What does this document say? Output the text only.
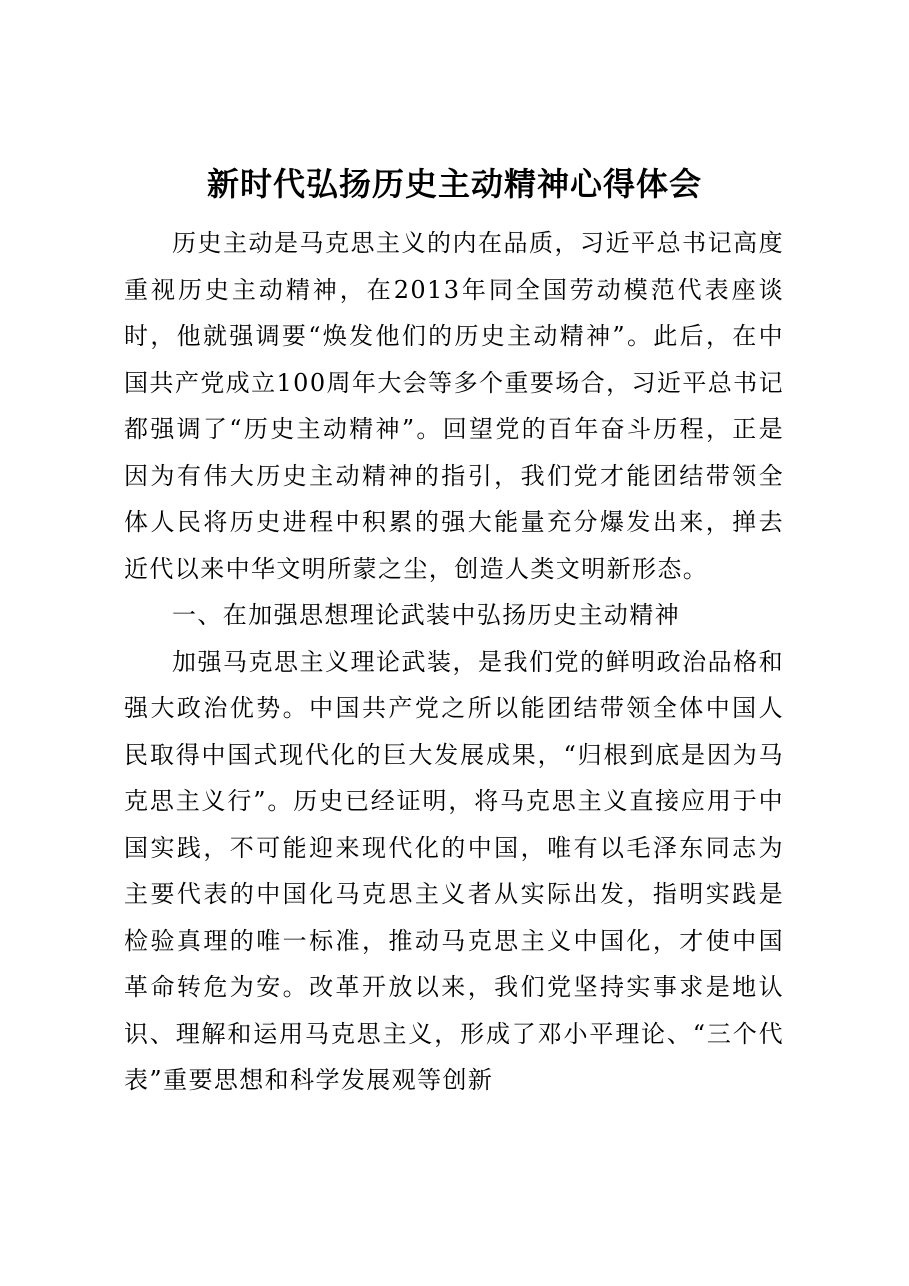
新时代弘扬历史主动精神心得体会

历史主动是马克思主义的内在品质，习近平总书记高度重视历史主动精神，在2013年同全国劳动模范代表座谈时，他就强调要“焕发他们的历史主动精神”。此后，在中国共产党成立100周年大会等多个重要场合，习近平总书记都强调了“历史主动精神”。回望党的百年奋斗历程，正是因为有伟大历史主动精神的指引，我们党才能团结带领全体人民将历史进程中积累的强大能量充分爆发出来，掸去近代以来中华文明所蒙之尘，创造人类文明新形态。

一、在加强思想理论武装中弘扬历史主动精神

加强马克思主义理论武装，是我们党的鲜明政治品格和强大政治优势。中国共产党之所以能团结带领全体中国人民取得中国式现代化的巨大发展成果，“归根到底是因为马克思主义行”。历史已经证明，将马克思主义直接应用于中国实践，不可能迎来现代化的中国，唯有以毛泽东同志为主要代表的中国化马克思主义者从实际出发，指明实践是检验真理的唯一标准，推动马克思主义中国化，才使中国革命转危为安。改革开放以来，我们党坚持实事求是地认识、理解和运用马克思主义，形成了邓小平理论、“三个代表”重要思想和科学发展观等创新
